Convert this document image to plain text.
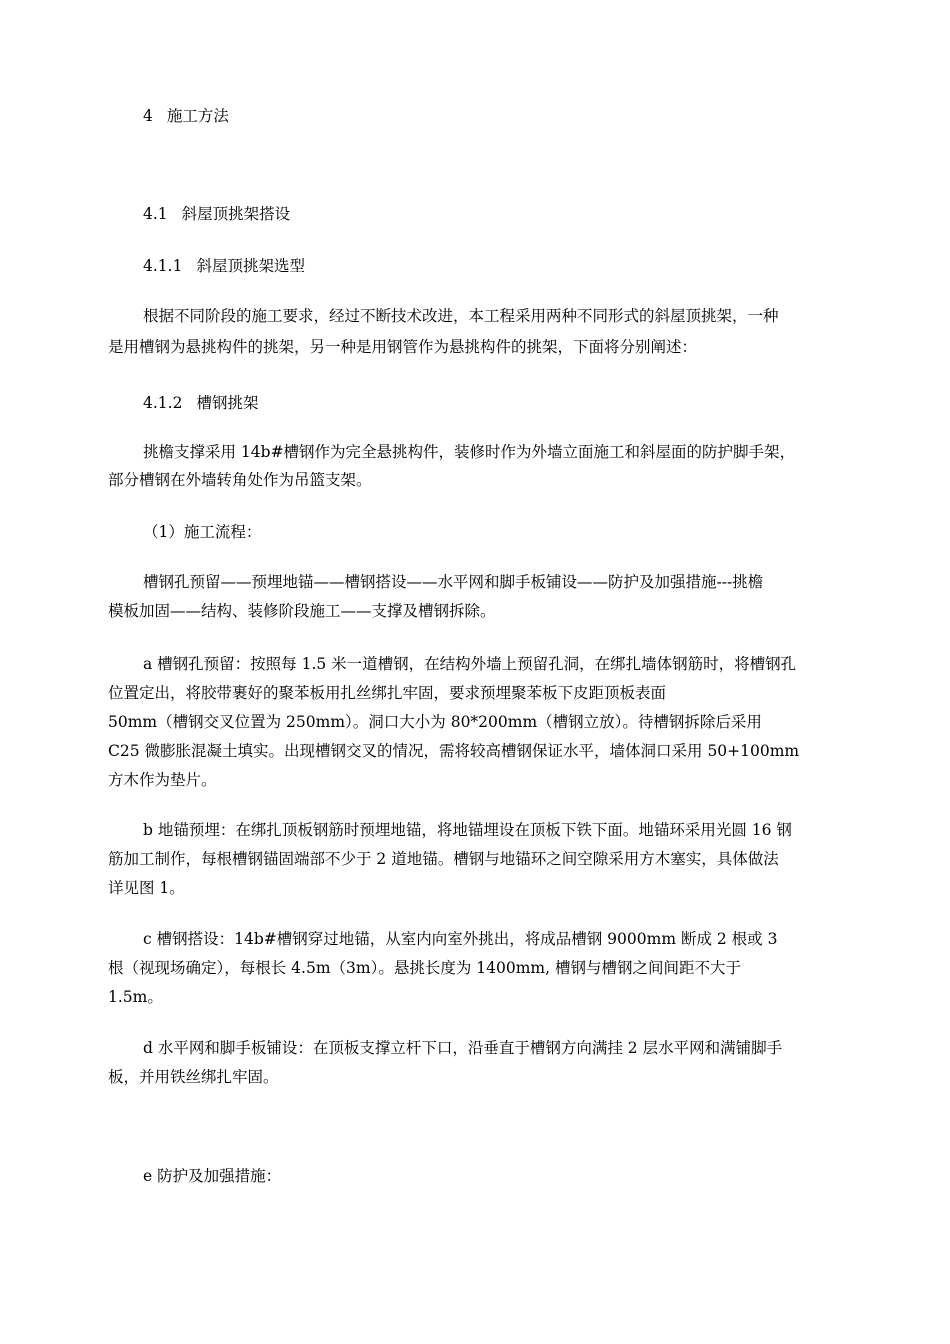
4 施工方法
4.1 斜屋顶挑架搭设
4.1.1 斜屋顶挑架选型

根据不同阶段的施工要求，经过不断技术改进，本工程采用两种不同形式的斜屋顶挑架，一种

是用槽钢为悬挑构件的挑架，另一种是用钢管作为悬挑构件的挑架，下面将分别阐述：

4.1.2 槽钢挑架

挑檐支撑采用 14b#槽钢作为完全悬挑构件，装修时作为外墙立面施工和斜屋面的防护脚手架，

部分槽钢在外墙转角处作为吊篮支架。

（1）施工流程：

槽钢孔预留——预埋地锚——槽钢搭设——水平网和脚手板铺设——防护及加强措施---挑檐

模板加固——结构、装修阶段施工——支撑及槽钢拆除。

a 槽钢孔预留：按照每 1.5 米一道槽钢，在结构外墙上预留孔洞，在绑扎墙体钢筋时，将槽钢孔

位置定出，将胶带裹好的聚苯板用扎丝绑扎牢固，要求预埋聚苯板下皮距顶板表面

50mm（槽钢交叉位置为 250mm）。洞口大小为 80*200mm（槽钢立放）。待槽钢拆除后采用

C25 微膨胀混凝土填实。出现槽钢交叉的情况，需将较高槽钢保证水平，墙体洞口采用 50+100mm

方木作为垫片。

b 地锚预埋：在绑扎顶板钢筋时预埋地锚，将地锚埋设在顶板下铁下面。地锚环采用光圆 16 钢

筋加工制作，每根槽钢锚固端部不少于 2 道地锚。槽钢与地锚环之间空隙采用方木塞实，具体做法

详见图 1。

c 槽钢搭设：14b#槽钢穿过地锚，从室内向室外挑出，将成品槽钢 9000mm 断成 2 根或 3

根（视现场确定），每根长 4.5m（3m）。悬挑长度为 1400mm, 槽钢与槽钢之间间距不大于

1.5m。

d 水平网和脚手板铺设：在顶板支撑立杆下口，沿垂直于槽钢方向满挂 2 层水平网和满铺脚手

板，并用铁丝绑扎牢固。

e 防护及加强措施：
